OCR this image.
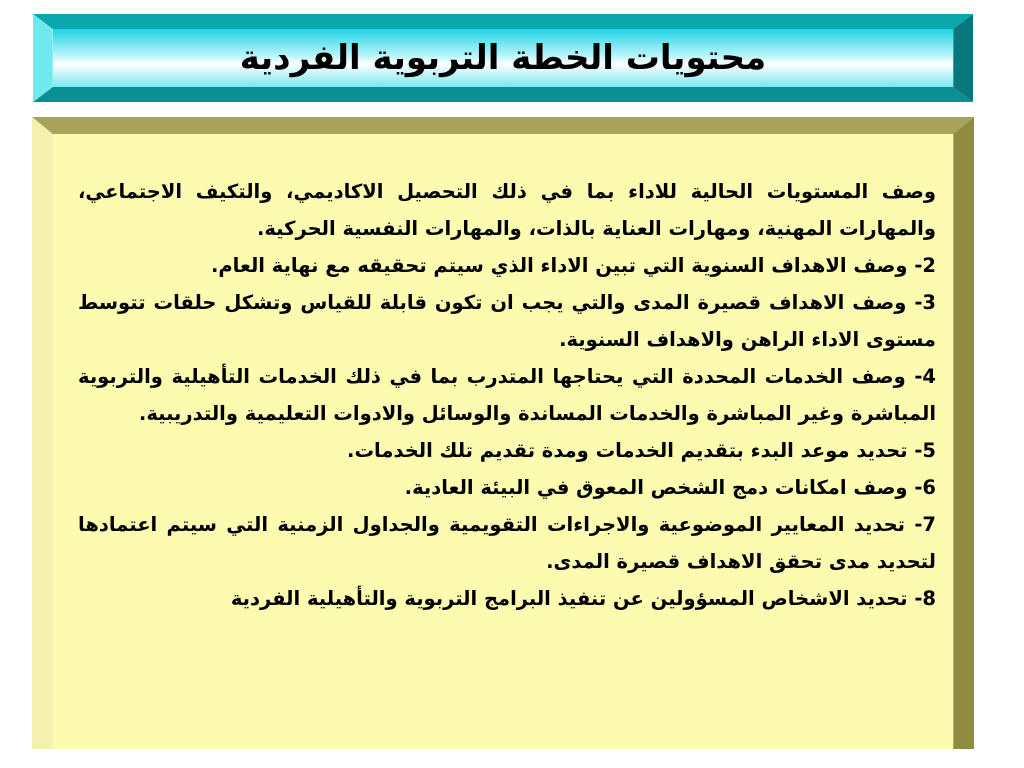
محتويات الخطة التربوية الفردية
وصف المستويات الحالية للاداء بما في ذلك التحصيل الاكاديمي، والتكيف الاجتماعي، والمهارات المهنية، ومهارات العناية بالذات، والمهارات النفسية الحركية.
2- وصف الاهداف السنوية التي تبين الاداء الذي سيتم تحقيقه مع نهاية العام.
3- وصف الاهداف قصيرة المدى والتي يجب ان تكون قابلة للقياس وتشكل حلقات تتوسط مستوى الاداء الراهن والاهداف السنوية.
4- وصف الخدمات المحددة التي يحتاجها المتدرب بما في ذلك الخدمات التأهيلية والتربوية المباشرة وغير المباشرة والخدمات المساندة والوسائل والادوات التعليمية والتدريبية.
5- تحديد موعد البدء بتقديم الخدمات ومدة تقديم تلك الخدمات.
6- وصف امكانات دمج الشخص المعوق في البيئة العادية.
7- تحديد المعايير الموضوعية والاجراءات التقويمية والجداول الزمنية التي سيتم اعتمادها لتحديد مدى تحقق الاهداف قصيرة المدى.
8- تحديد الاشخاص المسؤولين عن تنفيذ البرامج التربوية والتأهيلية الفردية
